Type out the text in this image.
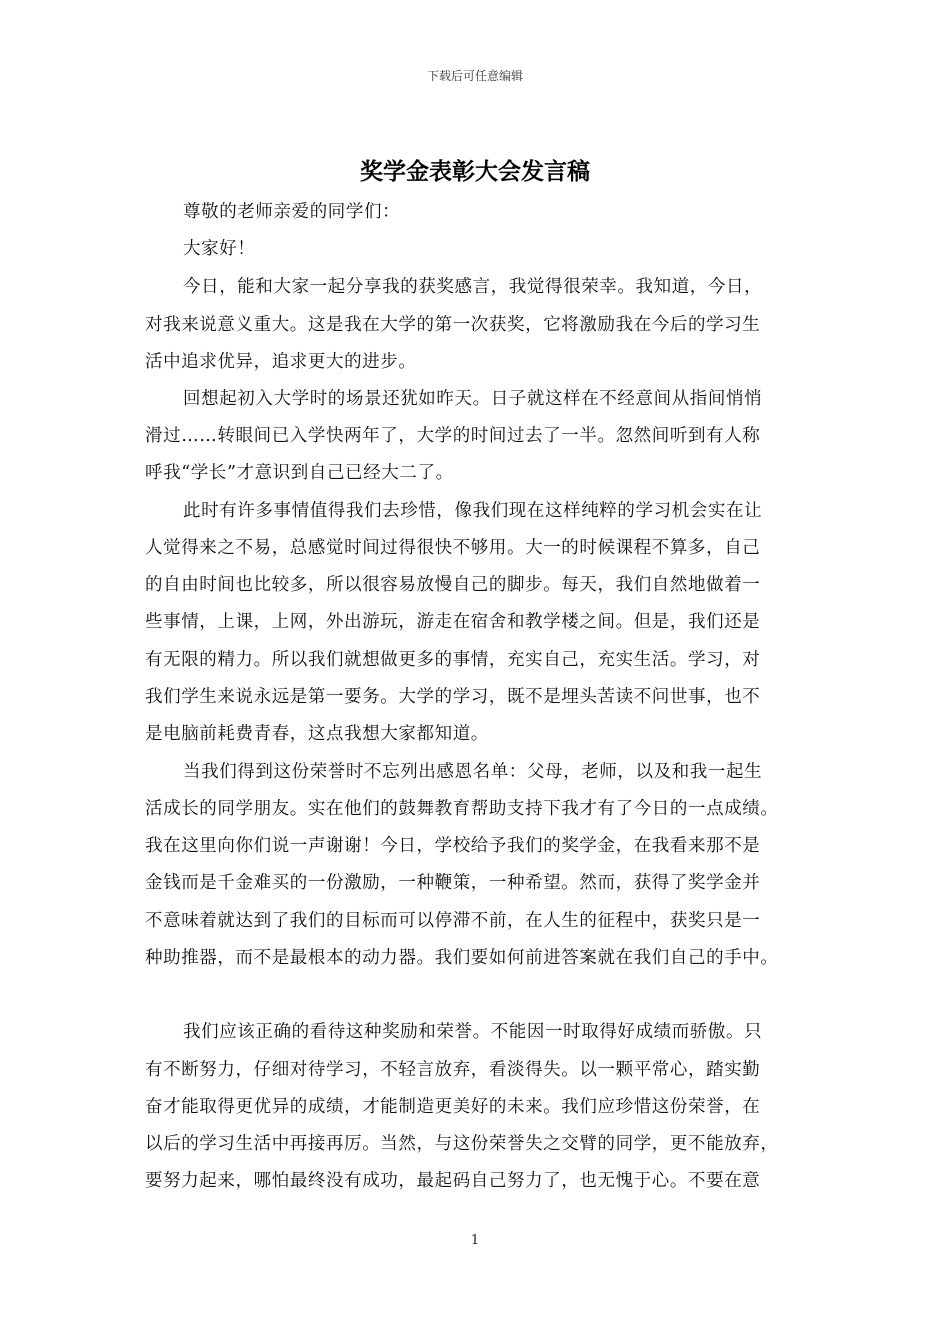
下载后可任意编辑
奖学金表彰大会发言稿
尊敬的老师亲爱的同学们：
大家好！
今日，能和大家一起分享我的获奖感言，我觉得很荣幸。我知道，今日，
对我来说意义重大。这是我在大学的第一次获奖，它将激励我在今后的学习生
活中追求优异，追求更大的进步。
回想起初入大学时的场景还犹如昨天。日子就这样在不经意间从指间悄悄
滑过……转眼间已入学快两年了，大学的时间过去了一半。忽然间听到有人称
呼我“学长”才意识到自己已经大二了。
此时有许多事情值得我们去珍惜，像我们现在这样纯粹的学习机会实在让
人觉得来之不易，总感觉时间过得很快不够用。大一的时候课程不算多，自己
的自由时间也比较多，所以很容易放慢自己的脚步。每天，我们自然地做着一
些事情，上课，上网，外出游玩，游走在宿舍和教学楼之间。但是，我们还是
有无限的精力。所以我们就想做更多的事情，充实自己，充实生活。学习，对
我们学生来说永远是第一要务。大学的学习，既不是埋头苦读不问世事，也不
是电脑前耗费青春，这点我想大家都知道。
当我们得到这份荣誉时不忘列出感恩名单：父母，老师，以及和我一起生
活成长的同学朋友。实在他们的鼓舞教育帮助支持下我才有了今日的一点成绩。
我在这里向你们说一声谢谢！今日，学校给予我们的奖学金，在我看来那不是
金钱而是千金难买的一份激励，一种鞭策，一种希望。然而，获得了奖学金并
不意味着就达到了我们的目标而可以停滞不前，在人生的征程中，获奖只是一
种助推器，而不是最根本的动力器。我们要如何前进答案就在我们自己的手中。
我们应该正确的看待这种奖励和荣誉。不能因一时取得好成绩而骄傲。只
有不断努力，仔细对待学习，不轻言放弃，看淡得失。以一颗平常心，踏实勤
奋才能取得更优异的成绩，才能制造更美好的未来。我们应珍惜这份荣誉，在
以后的学习生活中再接再厉。当然，与这份荣誉失之交臂的同学，更不能放弃，
要努力起来，哪怕最终没有成功，最起码自己努力了，也无愧于心。不要在意
1
